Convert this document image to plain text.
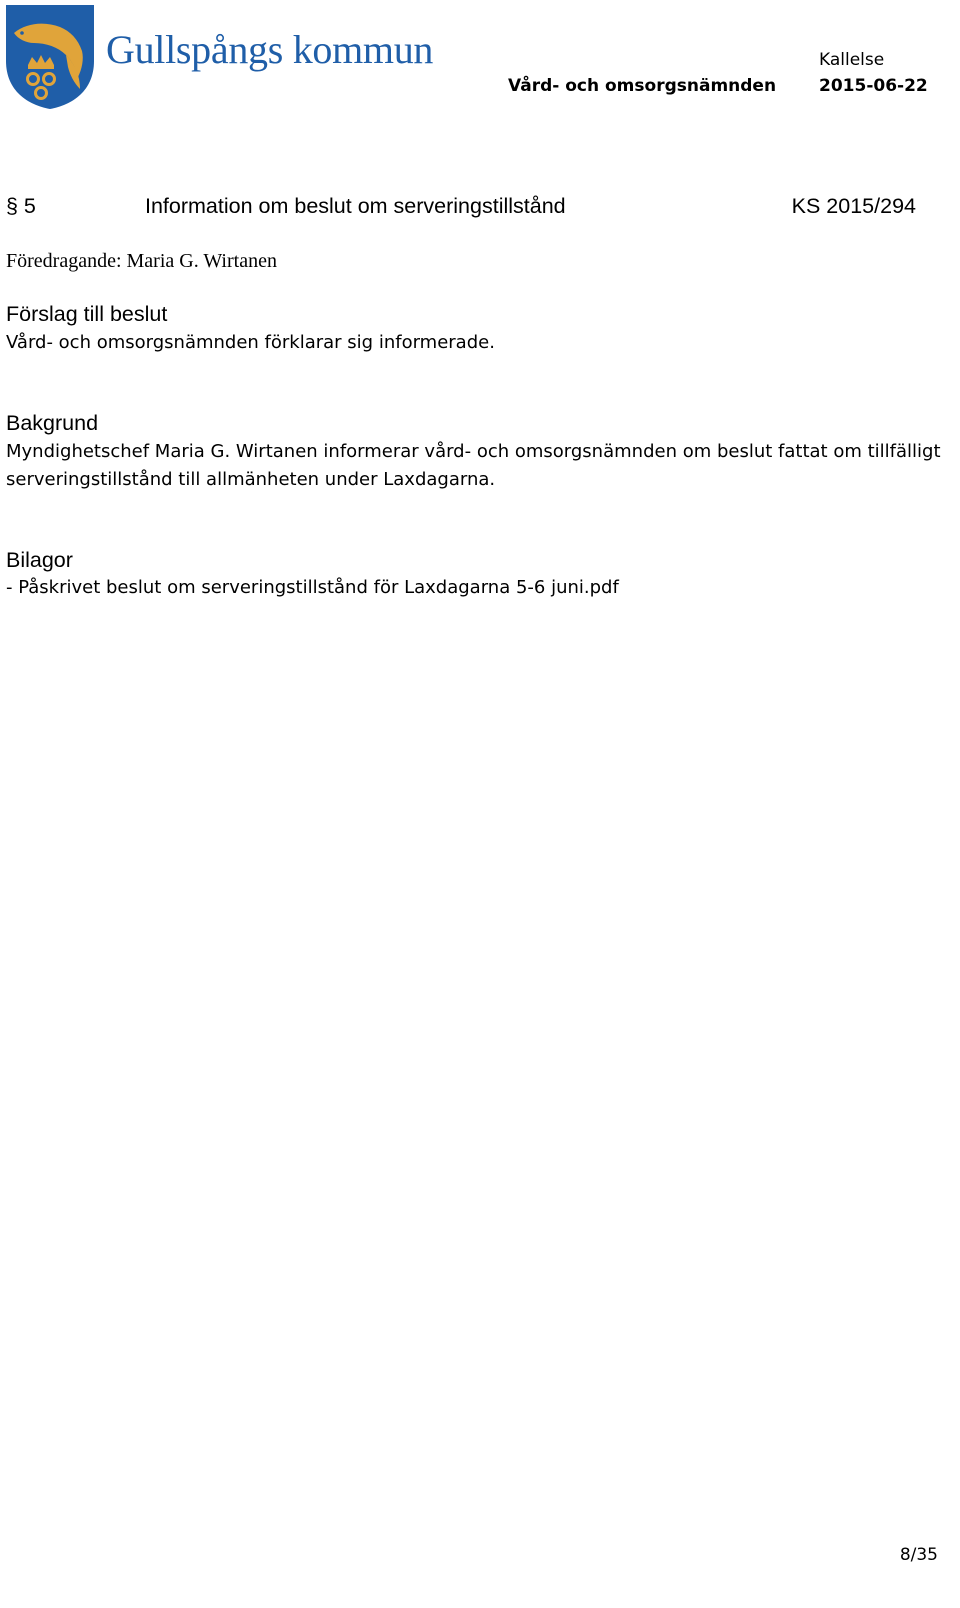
Gullspångs kommun	Kallelse
Vård- och omsorgsnämnden	2015-06-22
§ 5	Information om beslut om serveringstillstånd	KS 2015/294
Föredragande: Maria G. Wirtanen
Förslag till beslut
Vård- och omsorgsnämnden förklarar sig informerade.
Bakgrund
Myndighetschef Maria G. Wirtanen informerar vård- och omsorgsnämnden om beslut fattat om tillfälligt serveringstillstånd till allmänheten under Laxdagarna.
Bilagor
- Påskrivet beslut om serveringstillstånd för Laxdagarna 5-6 juni.pdf
8/35
